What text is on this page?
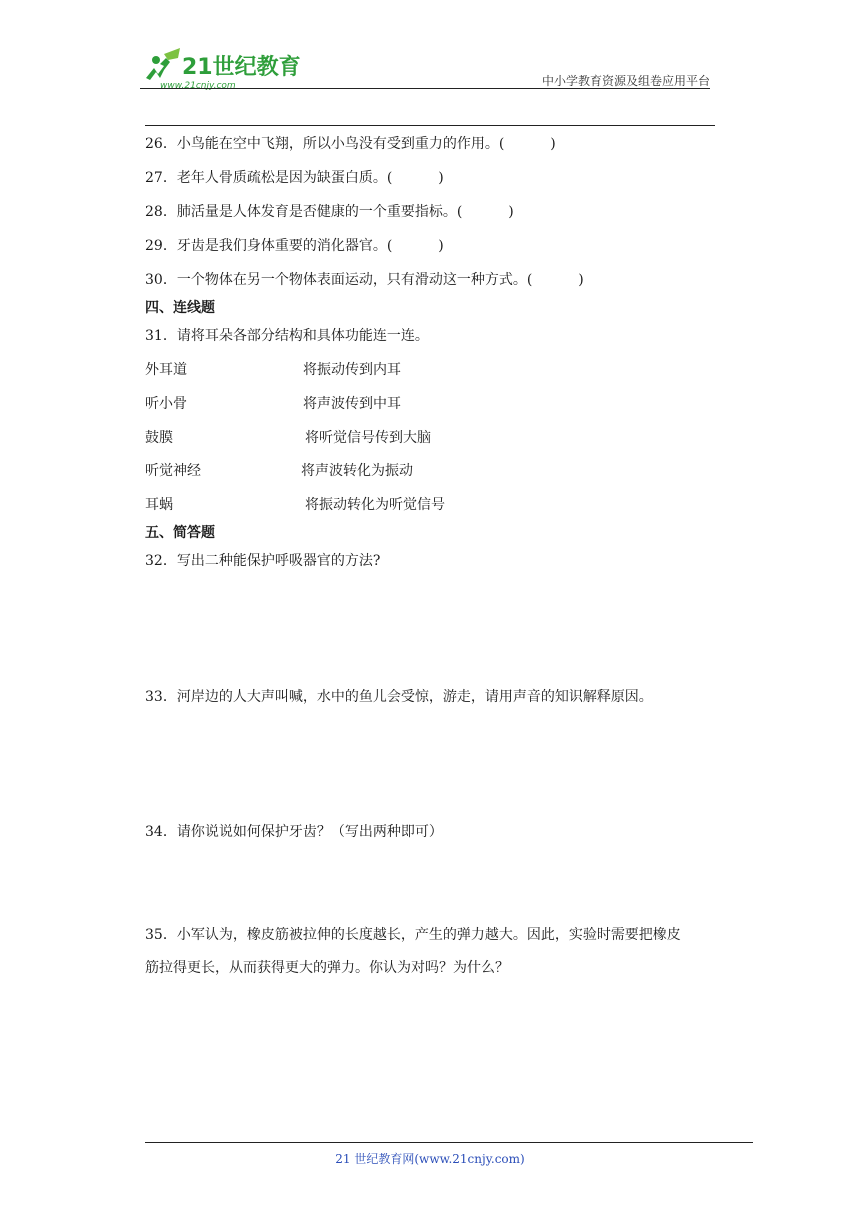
21世纪教育
www.21cnjy.com	中小学教育资源及组卷应用平台
26．小鸟能在空中飞翔，所以小鸟没有受到重力的作用。(	)
27．老年人骨质疏松是因为缺蛋白质。(	)
28．肺活量是人体发育是否健康的一个重要指标。(	)
29．牙齿是我们身体重要的消化器官。(	)
30．一个物体在另一个物体表面运动，只有滑动这一种方式。(	)
四、连线题
31．请将耳朵各部分结构和具体功能连一连。
外耳道	将振动传到内耳
听小骨	将声波传到中耳
鼓膜	将听觉信号传到大脑
听觉神经	将声波转化为振动
耳蜗	将振动转化为听觉信号
五、简答题
32．写出二种能保护呼吸器官的方法?
33．河岸边的人大声叫喊，水中的鱼儿会受惊，游走，请用声音的知识解释原因。
34．请你说说如何保护牙齿？（写出两种即可）
35．小军认为，橡皮筋被拉伸的长度越长，产生的弹力越大。因此，实验时需要把橡皮
筋拉得更长，从而获得更大的弹力。你认为对吗？为什么？
21 世纪教育网(www.21cnjy.com)
